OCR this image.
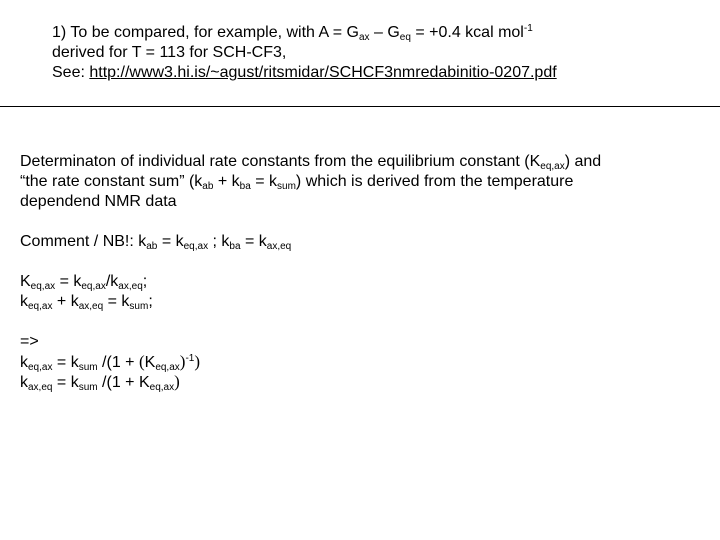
1) To be compared, for example, with $A = G_{ax} - G_{eq} = +0.4$ kcal mol$^{-1}$
derived for T = 113 for SCH-CF3,
See: http://www3.hi.is/~agust/ritsmidar/SCHCF3nmredabinitio-0207.pdf
Determinaton of individual rate constants from the equilibrium constant $(K_{eq,ax})$ and
“the rate constant sum” $(k_{ab} + k_{ba} = k_{sum})$ which is derived from the temperature
dependend NMR data
Comment / NB!: $k_{ab} = k_{eq,ax}$ ; $k_{ba} = k_{ax,eq}$
$K_{eq,ax} = k_{eq,ax}/k_{ax,eq}$;
$k_{eq,ax} + k_{ax,eq} = k_{sum}$;
=>
$k_{eq,ax} = k_{sum}$ $/(1 + (K_{eq,ax})^{-1})$
$k_{ax,eq} = k_{sum}$ $/(1 + K_{eq,ax})$
